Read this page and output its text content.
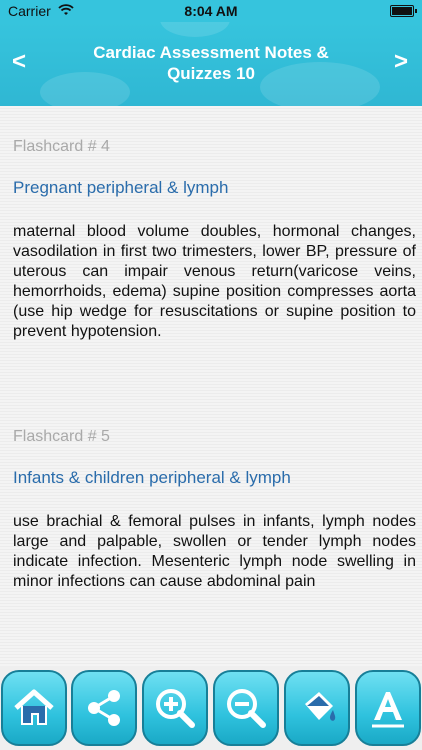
Carrier	8:04 AM
<	Cardiac Assessment Notes & Quizzes 10	>
Flashcard # 4
Pregnant peripheral & lymph
maternal blood volume doubles, hormonal changes, vasodilation in first two trimesters, lower BP, pressure of uterous can impair venous return(varicose veins, hemorrhoids, edema) supine position compresses aorta (use hip wedge for resuscitations or supine position to prevent hypotension.
Flashcard # 5
Infants & children peripheral & lymph
use brachial & femoral pulses in infants, lymph nodes large and palpable, swollen or tender lymph nodes indicate infection. Mesenteric lymph node swelling in minor infections can cause abdominal pain
